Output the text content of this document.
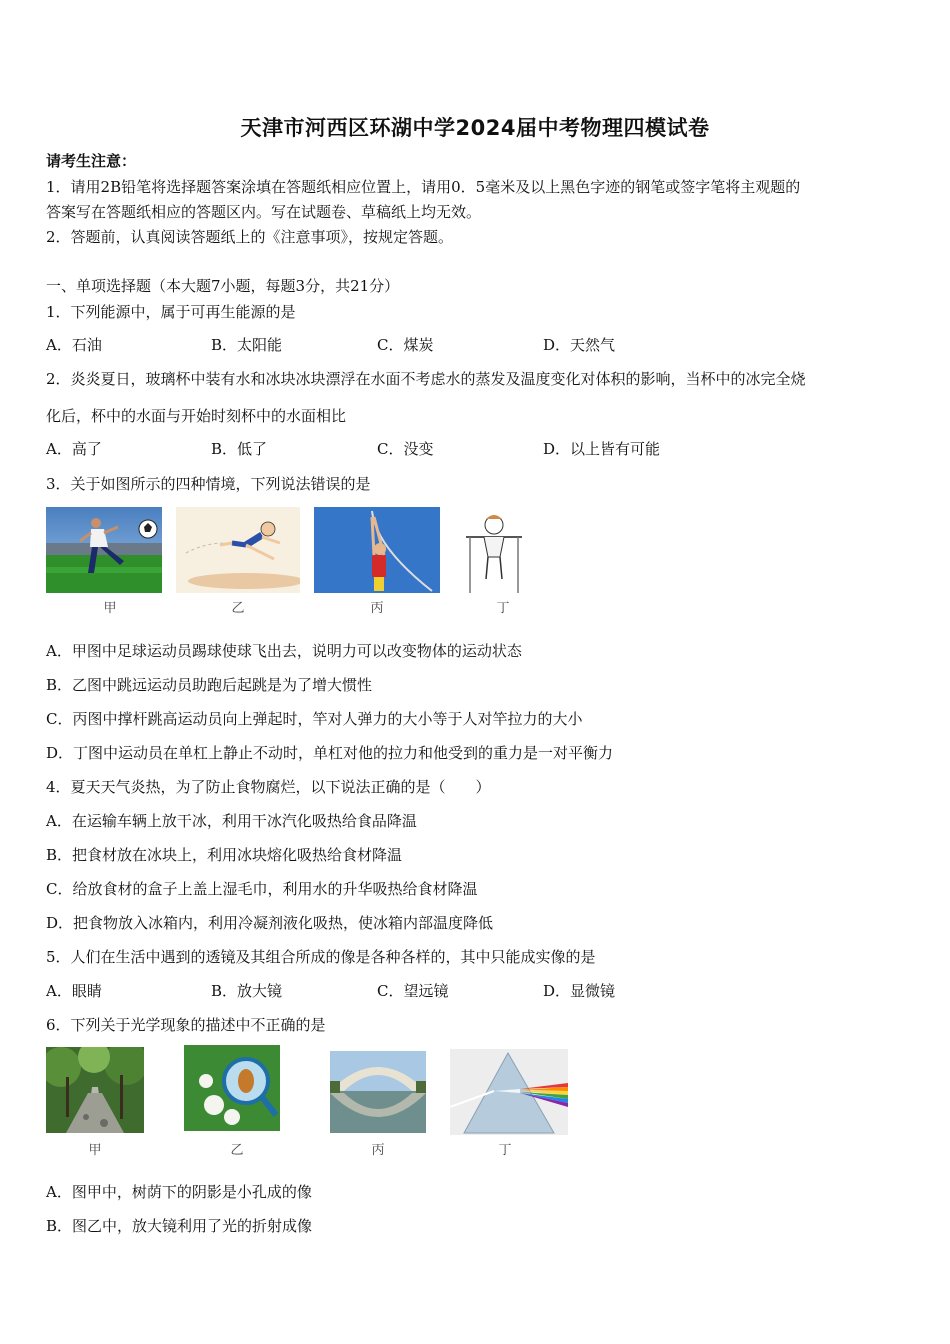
天津市河西区环湖中学2024届中考物理四模试卷
请考生注意：
1．请用2B铅笔将选择题答案涂填在答题纸相应位置上，请用0．5毫米及以上黑色字迹的钢笔或签字笔将主观题的
答案写在答题纸相应的答题区内。写在试题卷、草稿纸上均无效。
2．答题前，认真阅读答题纸上的《注意事项》，按规定答题。
一、单项选择题（本大题7小题，每题3分，共21分）
1．下列能源中，属于可再生能源的是
A．石油	B．太阳能	C．煤炭	D．天然气
2．炎炎夏日，玻璃杯中装有水和冰块冰块漂浮在水面不考虑水的蒸发及温度变化对体积的影响，当杯中的冰完全烧
化后，杯中的水面与开始时刻杯中的水面相比
A．高了	B．低了	C．没变	D．以上皆有可能
3．关于如图所示的四种情境，下列说法错误的是
甲	乙	丙	丁
A．甲图中足球运动员踢球使球飞出去，说明力可以改变物体的运动状态
B．乙图中跳远运动员助跑后起跳是为了增大惯性
C．丙图中撑杆跳高运动员向上弹起时，竿对人弹力的大小等于人对竿拉力的大小
D．丁图中运动员在单杠上静止不动时，单杠对他的拉力和他受到的重力是一对平衡力
4．夏天天气炎热，为了防止食物腐烂，以下说法正确的是（　　）
A．在运输车辆上放干冰，利用干冰汽化吸热给食品降温
B．把食材放在冰块上，利用冰块熔化吸热给食材降温
C．给放食材的盒子上盖上湿毛巾，利用水的升华吸热给食材降温
D．把食物放入冰箱内，利用冷凝剂液化吸热，使冰箱内部温度降低
5．人们在生活中遇到的透镜及其组合所成的像是各种各样的，其中只能成实像的是
A．眼睛	B．放大镜	C．望远镜	D．显微镜
6．下列关于光学现象的描述中不正确的是
甲	乙	丙	丁
A．图甲中，树荫下的阴影是小孔成的像
B．图乙中，放大镜利用了光的折射成像
